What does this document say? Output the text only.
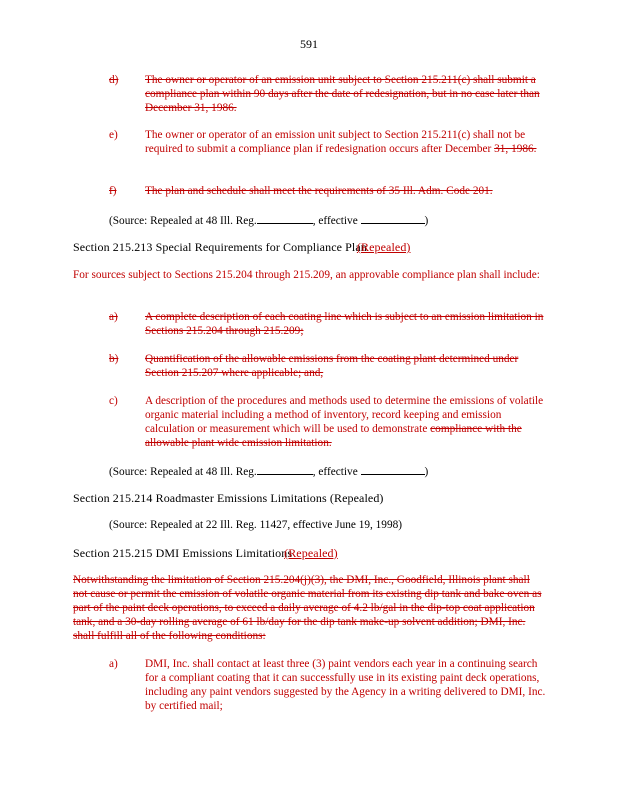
591
d) The owner or operator of an emission unit subject to Section 215.211(c) shall submit a compliance plan within 90 days after the date of redesignation, but in no case later than December 31, 1986.
e) The owner or operator of an emission unit subject to Section 215.211(c) shall not be required to submit a compliance plan if redesignation occurs after December 31, 1986.
f)	The plan and schedule shall meet the requirements of 35 Ill. Adm. Code 201.
(Source: Repealed at 48 Ill. Reg.	, effective	)
Section 215.213 Special Requirements for Compliance Plan(Repealed)
For sources subject to Sections 215.204 through 215.209, an approvable compliance plan shall include:
a) A complete description of each coating line which is subject to an emission limitation in Sections 215.204 through 215.209;
b) Quantification of the allowable emissions from the coating plant determined under Section 215.207 where applicable; and,
c) A description of the procedures and methods used to determine the emissions of volatile organic material including a method of inventory, record keeping and emission calculation or measurement which will be used to demonstrate compliance with the allowable plant wide emission limitation.
(Source: Repealed at 48 Ill. Reg.	, effective	)
Section 215.214 Roadmaster Emissions Limitations (Repealed)
(Source: Repealed at 22 Ill. Reg. 11427, effective June 19, 1998)
Section 215.215 DMI Emissions Limitations(Repealed)
Notwithstanding the limitation of Section 215.204(j)(3), the DMI, Inc., Goodfield, Illinois plant shall not cause or permit the emission of volatile organic material from its existing dip tank and bake oven as part of the paint deck operations, to exceed a daily average of 4.2 lb/gal in the dip-top coat application tank, and a 30-day rolling average of 61 lb/day for the dip tank make-up solvent addition; DMI, Inc. shall fulfill all of the following conditions:
a) DMI, Inc. shall contact at least three (3) paint vendors each year in a continuing search for a compliant coating that it can successfully use in its existing paint deck operations, including any paint vendors suggested by the Agency in a writing delivered to DMI, Inc. by certified mail;
